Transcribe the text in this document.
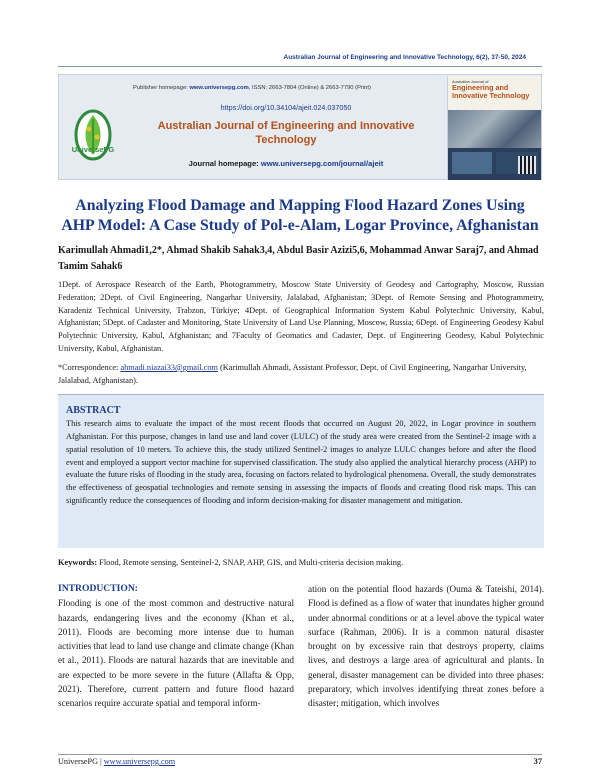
Australian Journal of Engineering and Innovative Technology, 6(2), 37-50, 2024
UniversePG
Publisher homepage: www.universepg.com, ISSN: 2663-7804 (Online) & 2663-7790 (Print)
https://doi.org/10.34104/ajeit.024.037050
Australian Journal of Engineering and Innovative Technology
Journal homepage: www.universepg.com/journal/ajeit
Australian Journal of
Engineering and Innovative Technology
Analyzing Flood Damage and Mapping Flood Hazard Zones Using AHP Model: A Case Study of Pol-e-Alam, Logar Province, Afghanistan
Karimullah Ahmadi1,2*, Ahmad Shakib Sahak3,4, Abdul Basir Azizi5,6, Mohammad Anwar Saraj7, and Ahmad Tamim Sahak6
1Dept. of Aerospace Research of the Earth, Photogrammetry, Moscow State University of Geodesy and Cartography, Moscow, Russian Federation; 2Dept. of Civil Engineering, Nangarhar University, Jalalabad, Afghanistan; 3Dept. of Remote Sensing and Photogrammetry, Karadeniz Technical University, Trabzon, Türkiye; 4Dept. of Geographical Information System Kabul Polytechnic University, Kabul, Afghanistan; 5Dept. of Cadaster and Monitoring, State University of Land Use Planning, Moscow, Russia; 6Dept. of Engineering Geodesy Kabul Polytechnic University, Kabul, Afghanistan; and 7Faculty of Geomatics and Cadaster, Dept. of Engineering Geodesy, Kabul Polytechnic University, Kabul, Afghanistan.
*Correspondence: ahmadi.niazai33@gmail.com (Karimullah Ahmadi, Assistant Professor, Dept. of Civil Engineering, Nangarhar University, Jalalabad, Afghanistan).
ABSTRACT
This research aims to evaluate the impact of the most recent floods that occurred on August 20, 2022, in Logar province in southern Afghanistan. For this purpose, changes in land use and land cover (LULC) of the study area were created from the Sentinel-2 image with a spatial resolution of 10 meters. To achieve this, the study utilized Sentinel-2 images to analyze LULC changes before and after the flood event and employed a support vector machine for supervised classification. The study also applied the analytical hierarchy process (AHP) to evaluate the future risks of flooding in the study area, focusing on factors related to hydrological phenomena. Overall, the study demonstrates the effectiveness of geospatial technologies and remote sensing in assessing the impacts of floods and creating flood risk maps. This can significantly reduce the consequences of flooding and inform decision-making for disaster management and mitigation.
Keywords: Flood, Remote sensing, Senteinel-2, SNAP, AHP, GIS, and Multi-criteria decision making.
INTRODUCTION:
Flooding is one of the most common and destructive natural hazards, endangering lives and the economy (Khan et al., 2011). Floods are becoming more intense due to human activities that lead to land use change and climate change (Khan et al., 2011). Floods are natural hazards that are inevitable and are expected to be more severe in the future (Allafta & Opp, 2021). Therefore, current pattern and future flood hazard scenarios require accurate spatial and temporal inform-
ation on the potential flood hazards (Ouma & Tateishi, 2014). Flood is defined as a flow of water that inundates higher ground under abnormal conditions or at a level above the typical water surface (Rahman, 2006). It is a common natural disaster brought on by excessive rain that destroys property, claims lives, and destroys a large area of agricultural and plants. In general, disaster management can be divided into three phases: preparatory, which involves identifying threat zones before a disaster; mitigation, which involves
UniversePG | www.universepg.com	37
